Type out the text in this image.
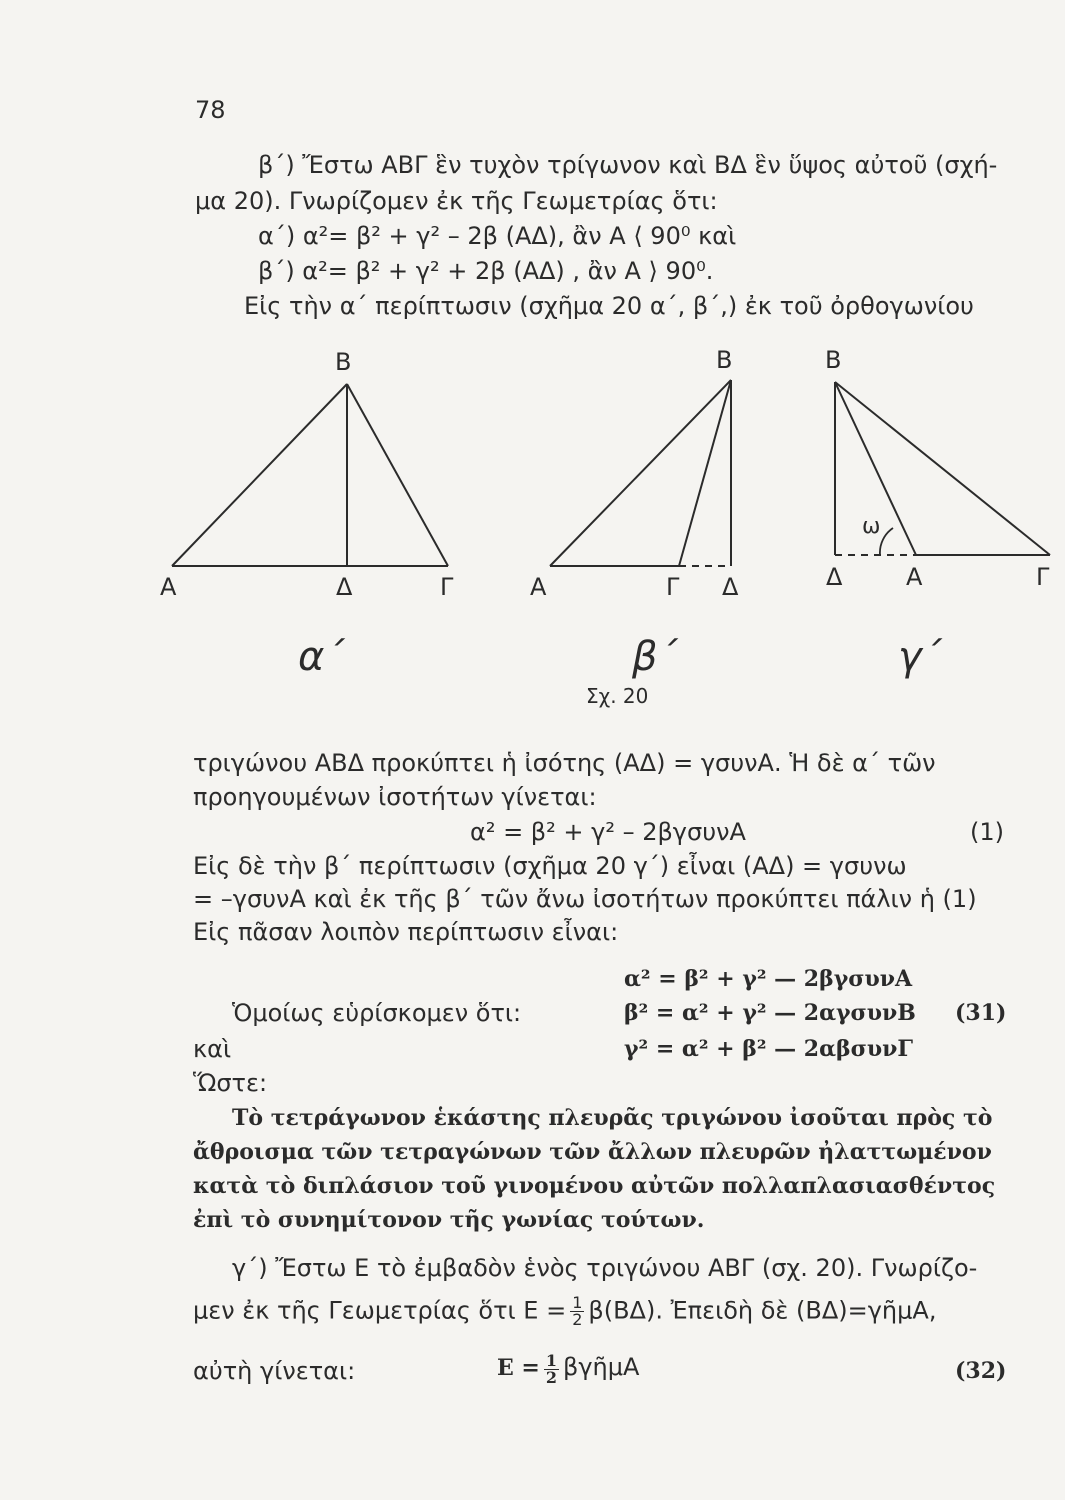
78
β΄) Ἔστω ΑΒΓ ἓν τυχὸν τρίγωνον καὶ ΒΔ ἓν ὕψος αὐτοῦ (σχή-
μα 20). Γνωρίζομεν ἐκ τῆς Γεωμετρίας ὅτι:
α΄) α²= β² + γ² – 2β (ΑΔ), ἂν Α ⟨ 90⁰ καὶ
β΄) α²= β² + γ² + 2β (ΑΔ) , ἂν Α ⟩ 90⁰.
Εἰς τὴν α΄ περίπτωσιν (σχῆμα 20 α΄, β΄,) ἐκ τοῦ ὀρθογωνίου
B
A	Δ	Γ
B
A	Γ Δ
ω
B
Δ	A	Γ
α΄	β΄	γ΄
Σχ. 20
τριγώνου ΑΒΔ προκύπτει ἡ ἰσότης (ΑΔ) = γσυνΑ. Ἡ δὲ α΄ τῶν
προηγουμένων ἰσοτήτων γίνεται:
α² = β² + γ² – 2βγσυνΑ	(1)
Εἰς δὲ τὴν β΄ περίπτωσιν (σχῆμα 20 γ΄) εἶναι (ΑΔ) = γσυνω
= –γσυνΑ καὶ ἐκ τῆς β΄ τῶν ἄνω ἰσοτήτων προκύπτει πάλιν ἡ (1)
Εἰς πᾶσαν λοιπὸν περίπτωσιν εἶναι:
α² = β² + γ² — 2βγσυνΑ
Ὁμοίως εὑρίσκομεν ὅτι:	β² = α² + γ² — 2αγσυνΒ (31)
καὶ	γ² = α² + β² — 2αβσυνΓ
Ὥστε:
Τὸ τετράγωνον ἑκάστης πλευρᾶς τριγώνου ἰσοῦται πρὸς τὸ
ἄθροισμα τῶν τετραγώνων τῶν ἄλλων πλευρῶν ἠλαττωμένον
κατὰ τὸ διπλάσιον τοῦ γινομένου αὐτῶν πολλαπλασιασθέντος
ἐπὶ τὸ συνημίτονον τῆς γωνίας τούτων.
γ΄) Ἔστω Ε τὸ ἐμβαδὸν ἑνὸς τριγώνου ΑΒΓ (σχ. 20). Γνωρίζο-
μεν ἐκ τῆς Γεωμετρίας ὅτι $E = \frac{1}{2} \beta(B\Delta)$. Ἐπειδὴ δὲ (ΒΔ)=γῆμΑ,
αὐτὴ γίνεται:	$E = \frac{1}{2}$ βγῆμΑ	(32)
